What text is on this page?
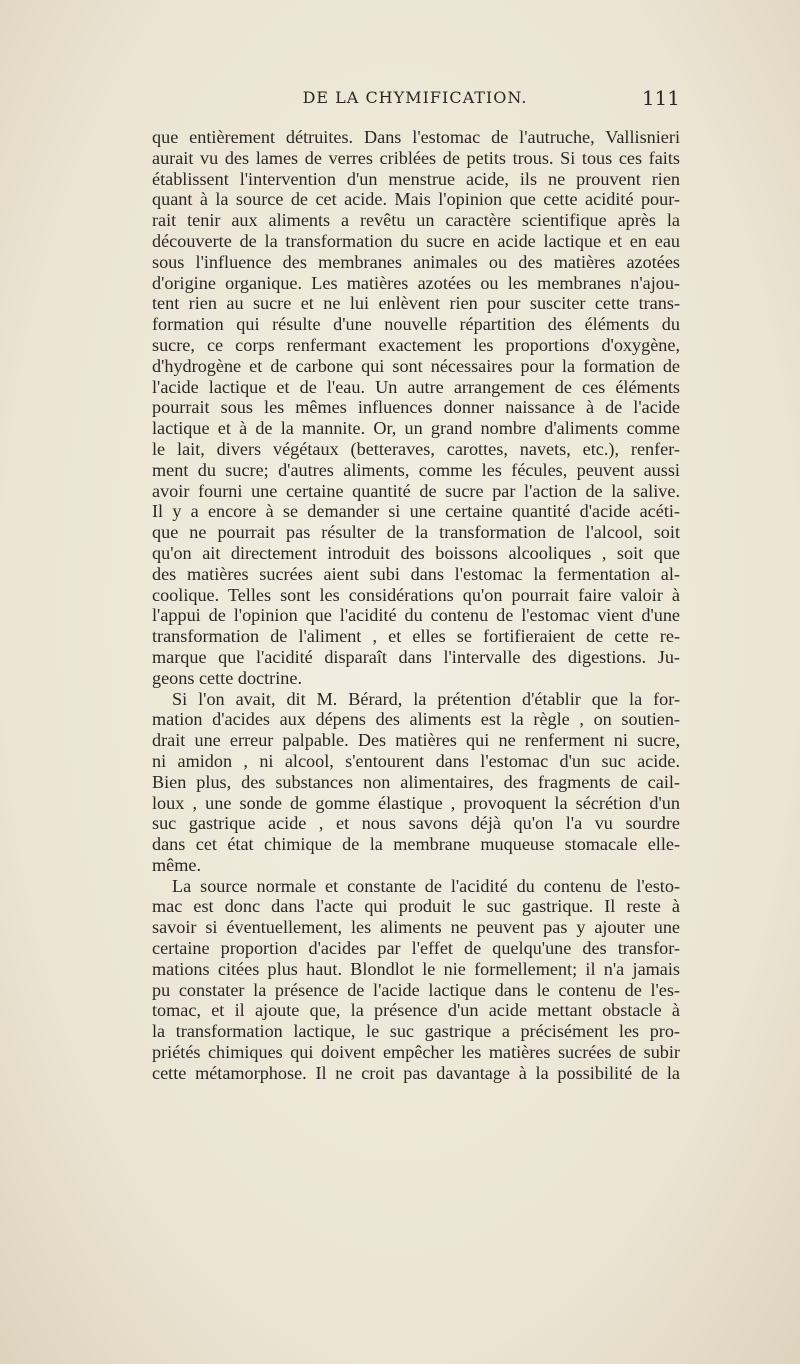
DE LA CHYMIFICATION.	111
que entièrement détruites. Dans l'estomac de l'autruche, Vallisnieri
aurait vu des lames de verres criblées de petits trous. Si tous ces faits
établissent l'intervention d'un menstrue acide, ils ne prouvent rien
quant à la source de cet acide. Mais l'opinion que cette acidité pour-
rait tenir aux aliments a revêtu un caractère scientifique après la
découverte de la transformation du sucre en acide lactique et en eau
sous l'influence des membranes animales ou des matières azotées
d'origine organique. Les matières azotées ou les membranes n'ajou-
tent rien au sucre et ne lui enlèvent rien pour susciter cette trans-
formation qui résulte d'une nouvelle répartition des éléments du
sucre, ce corps renfermant exactement les proportions d'oxygène,
d'hydrogène et de carbone qui sont nécessaires pour la formation de
l'acide lactique et de l'eau. Un autre arrangement de ces éléments
pourrait sous les mêmes influences donner naissance à de l'acide
lactique et à de la mannite. Or, un grand nombre d'aliments comme
le lait, divers végétaux (betteraves, carottes, navets, etc.), renfer-
ment du sucre; d'autres aliments, comme les fécules, peuvent aussi
avoir fourni une certaine quantité de sucre par l'action de la salive.
Il y a encore à se demander si une certaine quantité d'acide acéti-
que ne pourrait pas résulter de la transformation de l'alcool, soit
qu'on ait directement introduit des boissons alcooliques , soit que
des matières sucrées aient subi dans l'estomac la fermentation al-
coolique. Telles sont les considérations qu'on pourrait faire valoir à
l'appui de l'opinion que l'acidité du contenu de l'estomac vient d'une
transformation de l'aliment , et elles se fortifieraient de cette re-
marque que l'acidité disparaît dans l'intervalle des digestions. Ju-
geons cette doctrine.
Si l'on avait, dit M. Bérard, la prétention d'établir que la for-
mation d'acides aux dépens des aliments est la règle , on soutien-
drait une erreur palpable. Des matières qui ne renferment ni sucre,
ni amidon , ni alcool, s'entourent dans l'estomac d'un suc acide.
Bien plus, des substances non alimentaires, des fragments de cail-
loux , une sonde de gomme élastique , provoquent la sécrétion d'un
suc gastrique acide , et nous savons déjà qu'on l'a vu sourdre
dans cet état chimique de la membrane muqueuse stomacale elle-
même.
La source normale et constante de l'acidité du contenu de l'esto-
mac est donc dans l'acte qui produit le suc gastrique. Il reste à
savoir si éventuellement, les aliments ne peuvent pas y ajouter une
certaine proportion d'acides par l'effet de quelqu'une des transfor-
mations citées plus haut. Blondlot le nie formellement; il n'a jamais
pu constater la présence de l'acide lactique dans le contenu de l'es-
tomac, et il ajoute que, la présence d'un acide mettant obstacle à
la transformation lactique, le suc gastrique a précisément les pro-
priétés chimiques qui doivent empêcher les matières sucrées de subir
cette métamorphose. Il ne croit pas davantage à la possibilité de la
